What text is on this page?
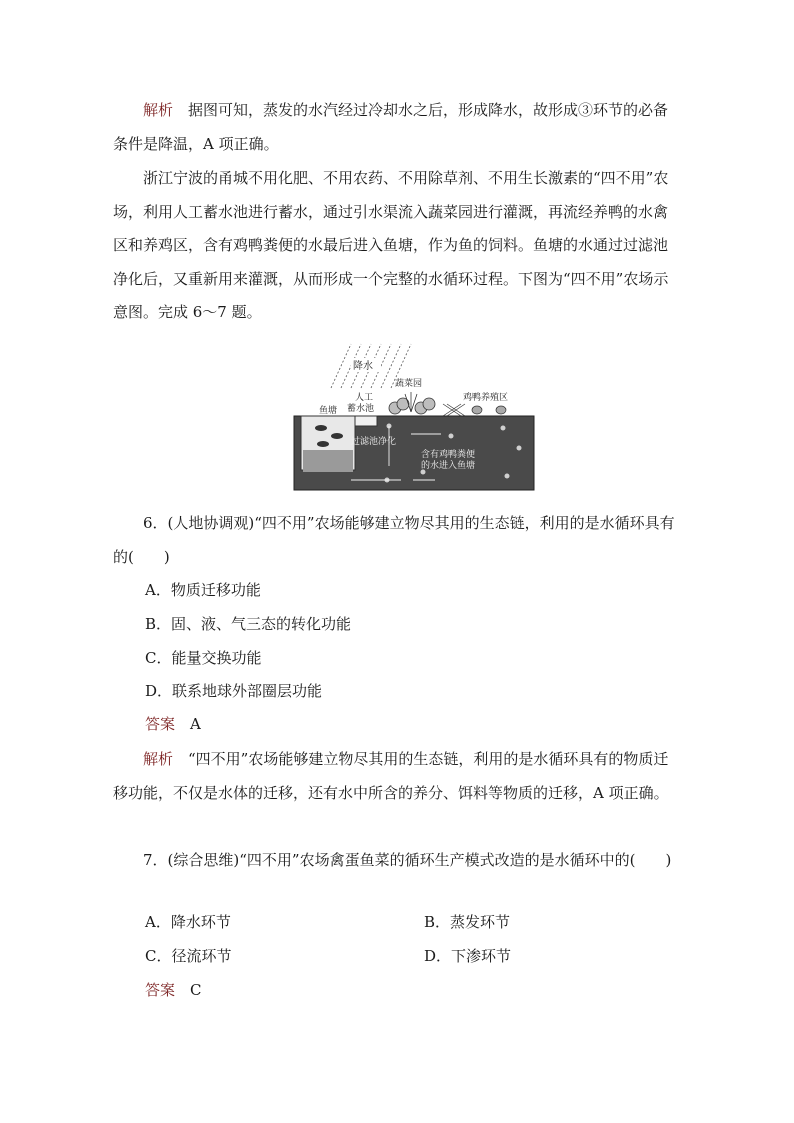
解析　据图可知，蒸发的水汽经过冷却水之后，形成降水，故形成③环节的必备条件是降温，A 项正确。

浙江宁波的甬城不用化肥、不用农药、不用除草剂、不用生长激素的“四不用”农场，利用人工蓄水池进行蓄水，通过引水渠流入蔬菜园进行灌溉，再流经养鸭的水禽区和养鸡区，含有鸡鸭粪便的水最后进入鱼塘，作为鱼的饲料。鱼塘的水通过过滤池净化后，又重新用来灌溉，从而形成一个完整的水循环过程。下图为“四不用”农场示意图。完成 6～7 题。

降水
蔬菜园
人工
蓄水池
鱼塘
鸡鸭养殖区
过滤池净化
含有鸡鸭粪便
的水进入鱼塘

6．(人地协调观)“四不用”农场能够建立物尽其用的生态链，利用的是水循环具有的(　　)

A．物质迁移功能
B．固、液、气三态的转化功能
C．能量交换功能
D．联系地球外部圈层功能
答案　 A

解析　“四不用”农场能够建立物尽其用的生态链，利用的是水循环具有的物质迁移功能，不仅是水体的迁移，还有水中所含的养分、饵料等物质的迁移，A 项正确。

7．(综合思维)“四不用”农场禽蛋鱼菜的循环生产模式改造的是水循环中的(　　)

A．降水环节	B．蒸发环节
C．径流环节	D．下渗环节
答案　 C
